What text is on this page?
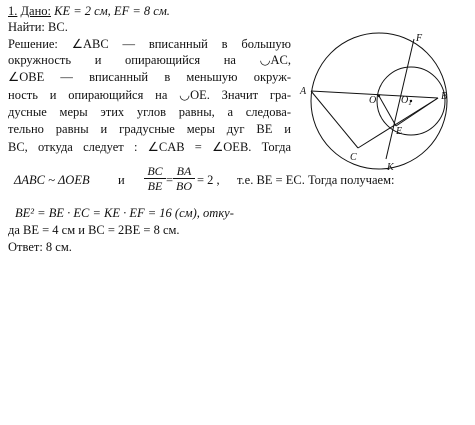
1. Дано: KE = 2 см, EF = 8 см.
Найти: BC.
Решение: ∠ABC — вписанный в большую
окружность и опирающийся на ◡AC,
∠OBE — вписанный в меньшую окруж-
ность и опирающийся на ◡OE. Значит гра-
дусные меры этих углов равны, а следова-
тельно равны и градусные меры дуг BE и
BC, откуда следует : ∠CAB = ∠OEB. Тогда
ΔABC ~ ΔOEB и $\frac{BC}{BE} = \frac{BA}{BO} = 2$ , т.е. BE = EC. Тогда получаем:
BE² = BE · EC = KE · EF = 16 (см), отку-
да BE = 4 см и BC = 2BE = 8 см.
Ответ: 8 см.
A	B
C
E
F
K
O $O_1$
